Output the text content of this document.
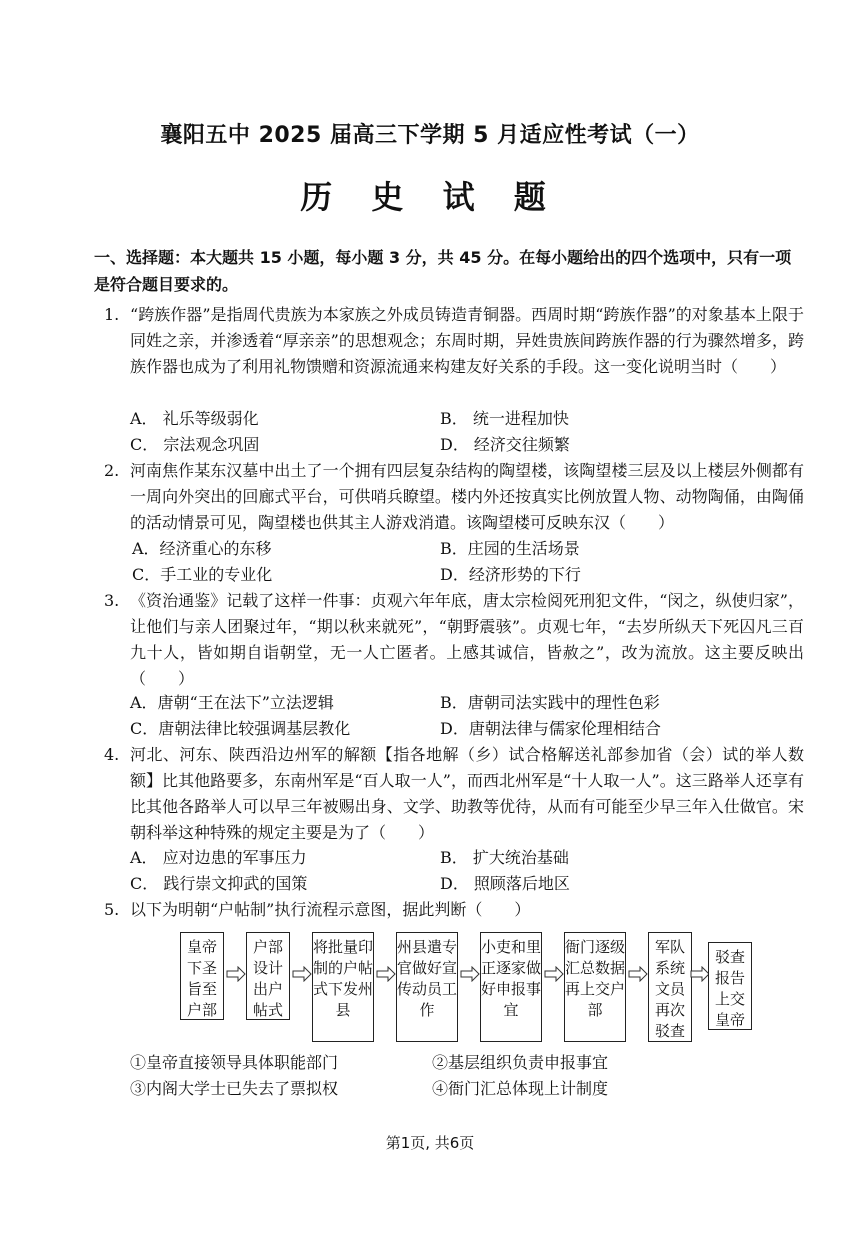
襄阳五中 2025 届高三下学期 5 月适应性考试（一）
历 史 试 题
一、选择题：本大题共 15 小题，每小题 3 分，共 45 分。在每小题给出的四个选项中，只有一项是符合题目要求的。
1. “跨族作器”是指周代贵族为本家族之外成员铸造青铜器。西周时期“跨族作器”的对象基本上限于同姓之亲，并渗透着“厚亲亲”的思想观念；东周时期，异姓贵族间跨族作器的行为骤然增多，跨族作器也成为了利用礼物馈赠和资源流通来构建友好关系的手段。这一变化说明当时（　　）
A． 礼乐等级弱化	B． 统一进程加快
C． 宗法观念巩固	D． 经济交往频繁
2. 河南焦作某东汉墓中出土了一个拥有四层复杂结构的陶望楼，该陶望楼三层及以上楼层外侧都有一周向外突出的回廊式平台，可供哨兵瞭望。楼内外还按真实比例放置人物、动物陶俑，由陶俑的活动情景可见，陶望楼也供其主人游戏消遣。该陶望楼可反映东汉（　　）
A．经济重心的东移	B．庄园的生活场景
C．手工业的专业化	D．经济形势的下行
3. 《资治通鉴》记载了这样一件事：贞观六年年底，唐太宗检阅死刑犯文件，“闵之，纵使归家”，让他们与亲人团聚过年，“期以秋来就死”，“朝野震骇”。贞观七年，“去岁所纵天下死囚凡三百九十人，皆如期自诣朝堂，无一人亡匿者。上感其诚信，皆赦之”，改为流放。这主要反映出（　　）
A．唐朝“王在法下”立法逻辑	B．唐朝司法实践中的理性色彩
C．唐朝法律比较强调基层教化	D．唐朝法律与儒家伦理相结合
4. 河北、河东、陕西沿边州军的解额【指各地解（乡）试合格解送礼部参加省（会）试的举人数额】比其他路要多，东南州军是“百人取一人”，而西北州军是“十人取一人”。这三路举人还享有比其他各路举人可以早三年被赐出身、文学、助教等优待，从而有可能至少早三年入仕做官。宋朝科举这种特殊的规定主要是为了（　　）
A． 应对边患的军事压力	B． 扩大统治基础
C． 践行崇文抑武的国策	D． 照顾落后地区
5. 以下为明朝“户帖制”执行流程示意图，据此判断（　　）
皇帝下圣旨至户部
户部设计出户帖式
将批量印制的户帖式下发州县
州县遣专官做好宣传动员工作
小吏和里正逐家做好申报事宜
衙门逐级汇总数据再上交户部
军队系统文员再次驳查
驳查报告上交皇帝
①皇帝直接领导具体职能部门	②基层组织负责申报事宜
③内阁大学士已失去了票拟权	④衙门汇总体现上计制度
第1页, 共6页
